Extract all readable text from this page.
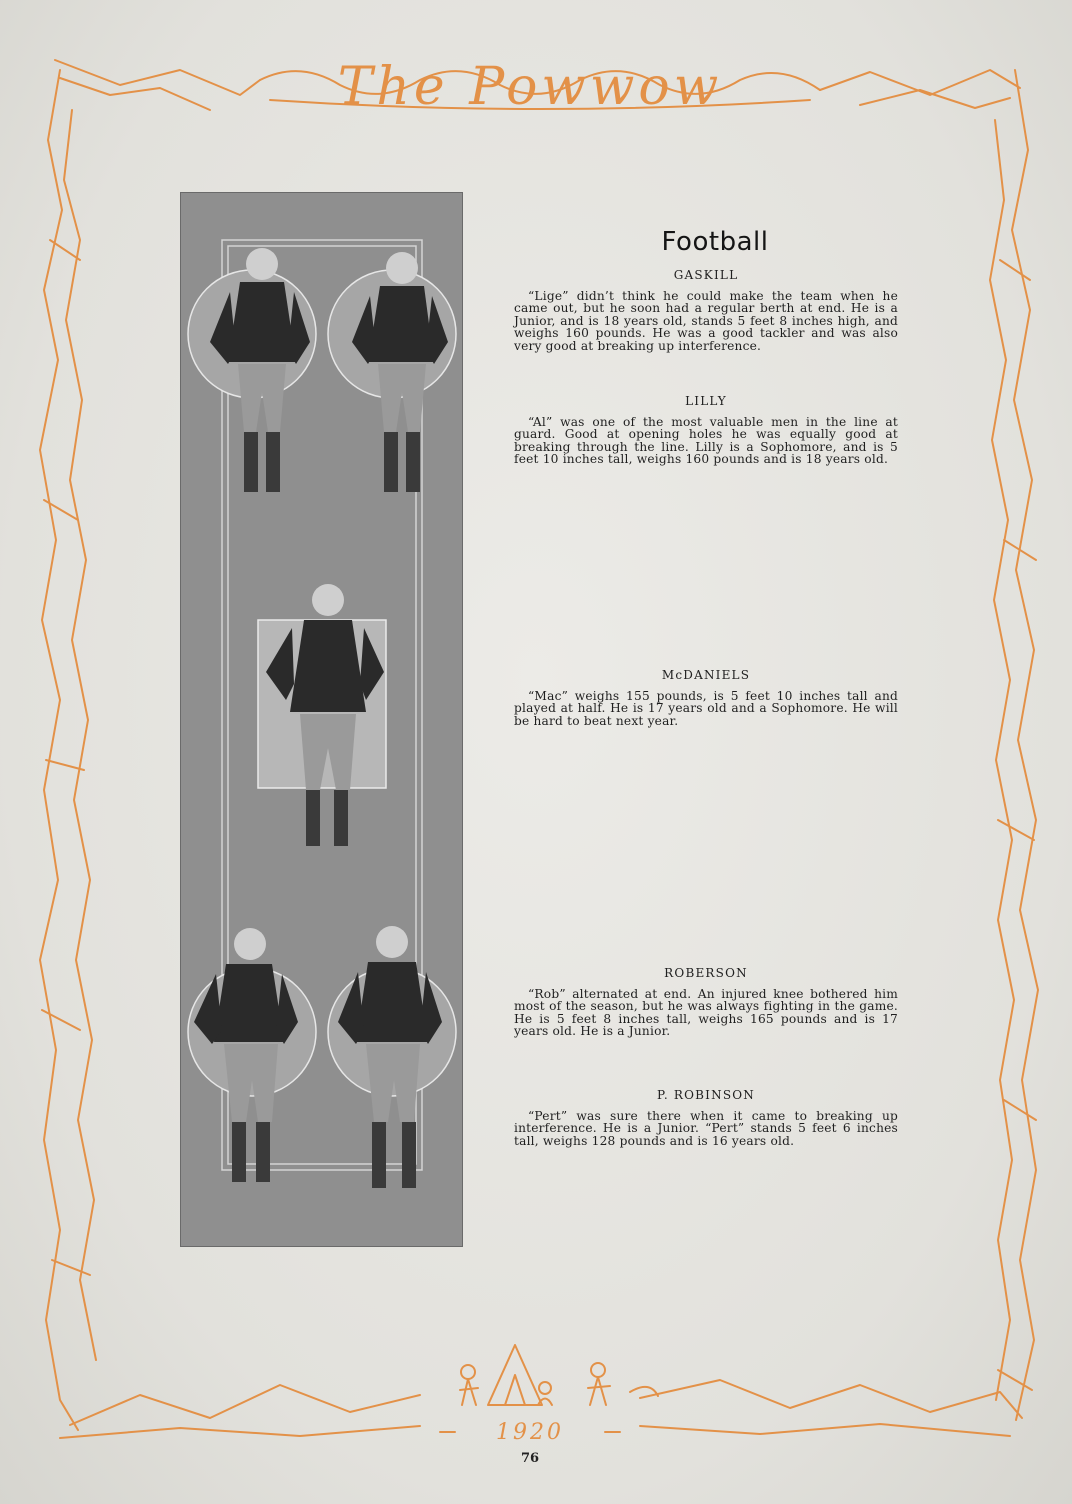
The Powwow
Football
GASKILL

“Lige” didn’t think he could make the team when he came out, but he soon had a regular berth at end. He is a Junior, and is 18 years old, stands 5 feet 8 inches high, and weighs 160 pounds. He was a good tackler and was also very good at breaking up interference.

LILLY

“Al” was one of the most valuable men in the line at guard. Good at opening holes he was equally good at breaking through the line. Lilly is a Sophomore, and is 5 feet 10 inches tall, weighs 160 pounds and is 18 years old.

McDANIELS

“Mac” weighs 155 pounds, is 5 feet 10 inches tall and played at half. He is 17 years old and a Sophomore. He will be hard to beat next year.

ROBERSON

“Rob” alternated at end. An injured knee bothered him most of the season, but he was always fighting in the game. He is 5 feet 8 inches tall, weighs 165 pounds and is 17 years old. He is a Junior.

P. ROBINSON

“Pert” was sure there when it came to breaking up interference. He is a Junior. “Pert” stands 5 feet 6 inches tall, weighs 128 pounds and is 16 years old.

1920
76
